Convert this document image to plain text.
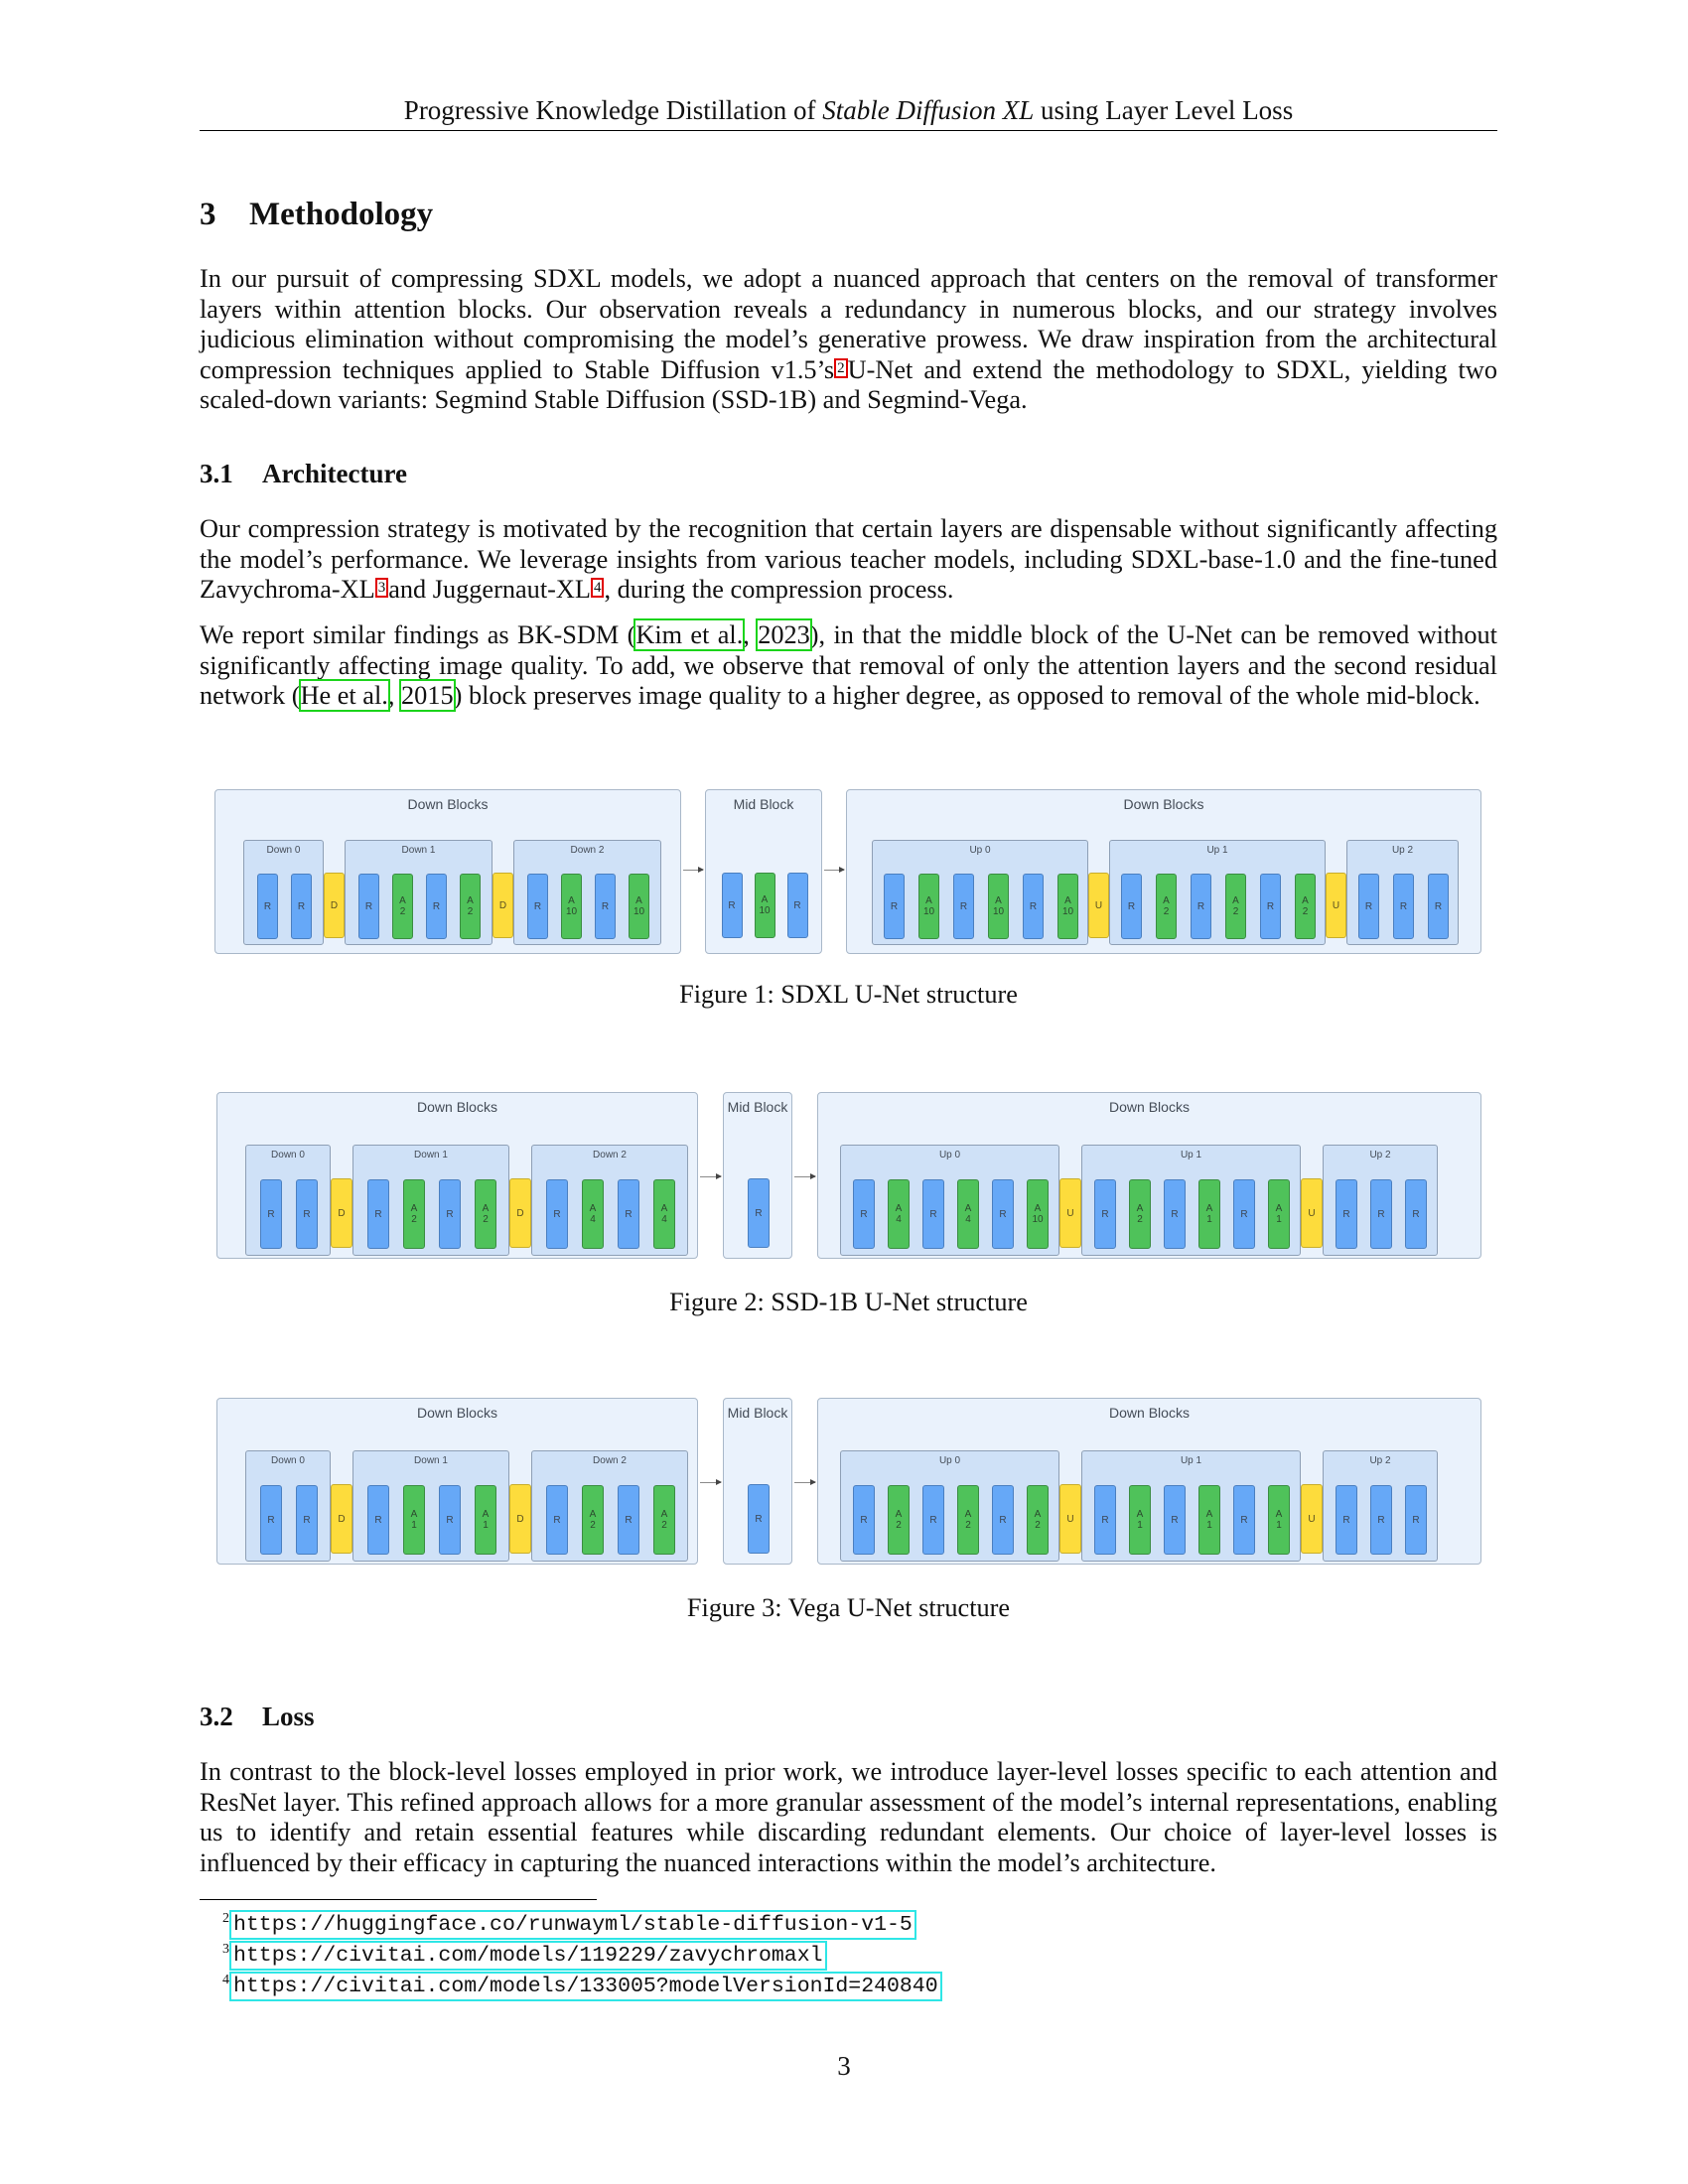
Progressive Knowledge Distillation of Stable Diffusion XL using Layer Level Loss
3 Methodology

In our pursuit of compressing SDXL models, we adopt a nuanced approach that centers on the removal of transformer layers within attention blocks. Our observation reveals a redundancy in numerous blocks, and our strategy involves judicious elimination without compromising the model’s generative prowess. We draw inspiration from the architectural compression techniques applied to Stable Diffusion v1.5’s $^2$ U-Net and extend the methodology to SDXL, yielding two scaled-down variants: Segmind Stable Diffusion (SSD-1B) and Segmind-Vega.

3.1 Architecture

Our compression strategy is motivated by the recognition that certain layers are dispensable without significantly affecting the model’s performance. We leverage insights from various teacher models, including SDXL-base-1.0 and the fine-tuned Zavychroma-XL $^3$ and Juggernaut-XL $^4$ , during the compression process.

We report similar findings as BK-SDM (Kim et al., 2023), in that the middle block of the U-Net can be removed without significantly affecting image quality. To add, we observe that removal of only the attention layers and the second residual network (He et al., 2015) block preserves image quality to a higher degree, as opposed to removal of the whole mid-block.

Down Blocks
Down 0
R	R	D
Down 1
R	A
2	R	A
2
D
Down 2
R	A
10 R	A
10
Mid Block
R	A
10 R
Down Blocks
Up 0
R	A
10	R	A
10	R	A
10
U
Up 1
R	A
2	R	A
2	R	A
2
U
Up 2
R	R	R
Figure 1: SDXL U-Net structure
Down Blocks
Down 0
R	R	D
Down 1
R	A
2	R	A
2
D
Down 2
R	A
4	R	A
4
Mid Block
R
Down Blocks
Up 0
R	A
4	R	A
4	R	A
10
U
Up 1
R	A
2	R	A
1	R	A
1
U
Up 2
R	R	R
Figure 2: SSD-1B U-Net structure
Down Blocks
Down 0
R	R	D
Down 1
R	A
1	R	A
1
D
Down 2
R	A
2	R	A
2
Mid Block
R
Down Blocks
Up 0
R	A
2	R	A
2	R	A
2
U
Up 1
R	A
1	R	A
1	R	A
1
U
Up 2
R	R	R
Figure 3: Vega U-Net structure
3.2 Loss

In contrast to the block-level losses employed in prior work, we introduce layer-level losses specific to each attention and ResNet layer. This refined approach allows for a more granular assessment of the model’s internal representations, enabling us to identify and retain essential features while discarding redundant elements. Our choice of layer-level losses is influenced by their efficacy in capturing the nuanced interactions within the model’s architecture.

2 https://huggingface.co/runwayml/stable-diffusion-v1-5
3 https://civitai.com/models/119229/zavychromaxl
4 https://civitai.com/models/133005?modelVersionId=240840
3
